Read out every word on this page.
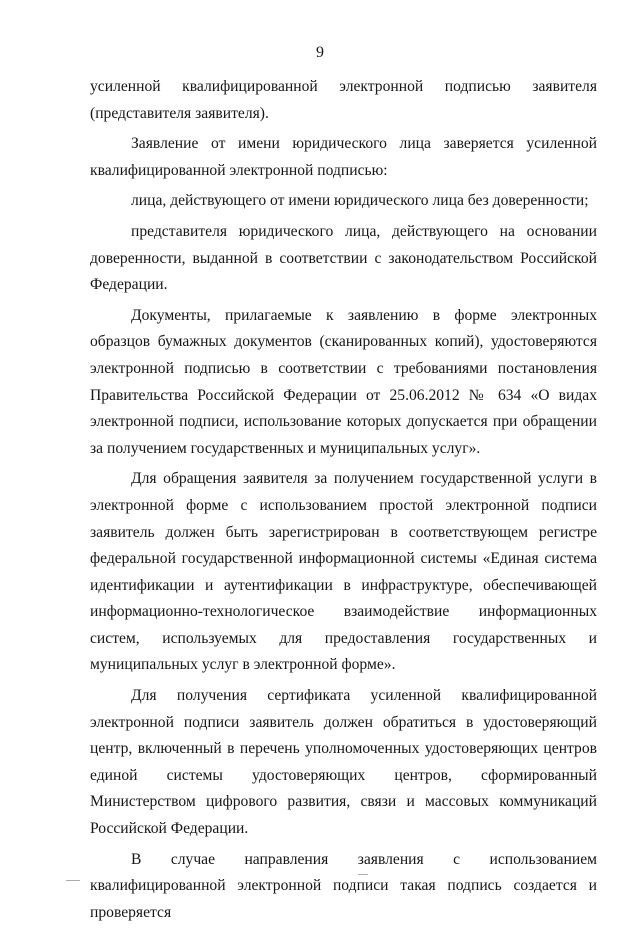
9

усиленной квалифицированной электронной подписью заявителя (представителя заявителя).

Заявление от имени юридического лица заверяется усиленной квалифицированной электронной подписью:

лица, действующего от имени юридического лица без доверенности;

представителя юридического лица, действующего на основании доверенности, выданной в соответствии с законодательством Российской Федерации.

Документы, прилагаемые к заявлению в форме электронных образцов бумажных документов (сканированных копий), удостоверяются электронной подписью в соответствии с требованиями постановления Правительства Российской Федерации от 25.06.2012 № 634 «О видах электронной подписи, использование которых допускается при обращении за получением государственных и муниципальных услуг».

Для обращения заявителя за получением государственной услуги в электронной форме с использованием простой электронной подписи заявитель должен быть зарегистрирован в соответствующем регистре федеральной государственной информационной системы «Единая система идентификации и аутентификации в инфраструктуре, обеспечивающей информационно-технологическое взаимодействие информационных систем, используемых для предоставления государственных и муниципальных услуг в электронной форме».

Для получения сертификата усиленной квалифицированной электронной подписи заявитель должен обратиться в удостоверяющий центр, включенный в перечень уполномоченных удостоверяющих центров единой системы удостоверяющих центров, сформированный Министерством цифрового развития, связи и массовых коммуникаций Российской Федерации.

В случае направления заявления с использованием квалифицированной электронной подписи такая подпись создается и проверяется
